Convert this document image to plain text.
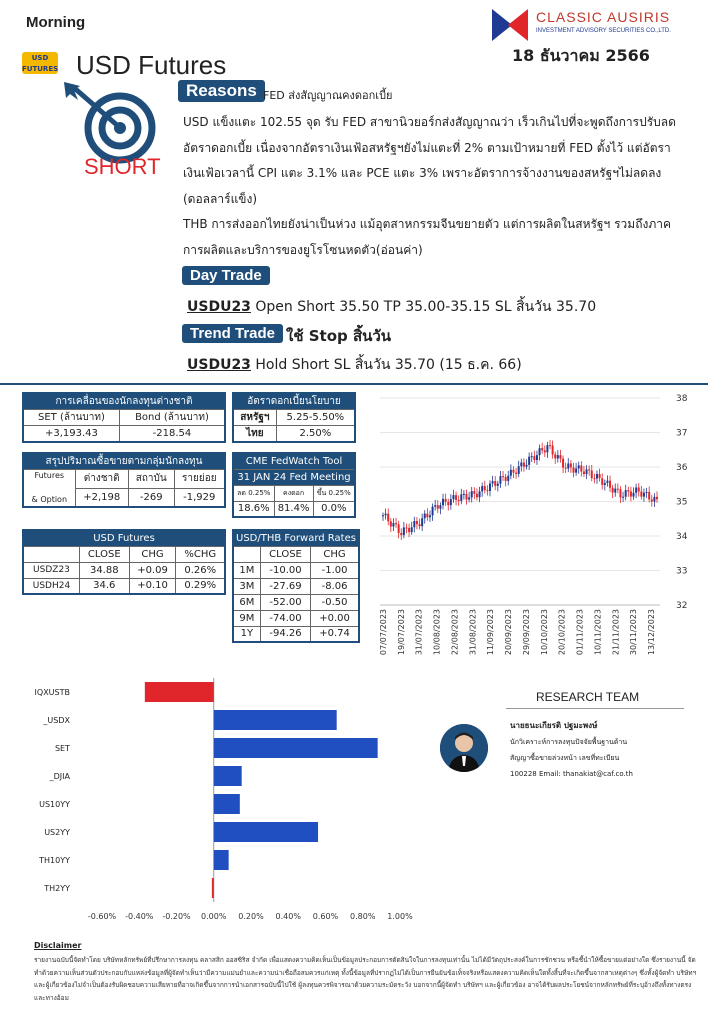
Morning	CLASSIC AUSIRIS
INVESTMENT ADVISORY SECURITIES CO.,LTD.
18 ธันวาคม 2566
USD FUTURES USD Futures
SHORT
Reasons FED ส่งสัญญาณคงดอกเบี้ย
USD แข็งแตะ 102.55 จุด รับ FED สาขานิวยอร์กส่งสัญญาณว่า เร็วเกินไปที่จะพูดถึงการปรับลดอัตราดอกเบี้ย เนื่องจากอัตราเงินเฟ้อสหรัฐฯยังไม่แตะที่ 2% ตามเป้าหมายที่ FED ตั้งไว้ แต่อัตราเงินเฟ้อเวลานี้ CPI แตะ 3.1% และ PCE แตะ 3% เพราะอัตราการจ้างงานของสหรัฐฯไม่ลดลง (ดอลลาร์แข็ง)
THB การส่งออกไทยยังน่าเป็นห่วง แม้อุตสาหกรรมจีนขยายตัว แต่การผลิตในสหรัฐฯ รวมถึงภาคการผลิตและบริการของยูโรโซนหดตัว(อ่อนค่า)
Day Trade
USDU23 Open Short 35.50 TP 35.00-35.15 SL สิ้นวัน 35.70
Trend Trade ใช้ Stop สิ้นวัน
USDU23 Hold Short SL สิ้นวัน 35.70 (15 ธ.ค. 66)
การเคลื่อนของนักลงทุนต่างชาติ	
SET (ล้านบาท)	Bond (ล้านบาท)
+3,193.43	-218.54
อัตราดอกเบี้ยนโยบาย	
สหรัฐฯ	5.25-5.50%
ไทย	2.50%
สรุปปริมาณซื้อขายตามกลุ่มนักลงทุน			
Futures

& Option	ต่างชาติ	สถาบัน	รายย่อย
	+2,198	-269	-1,929
CME FedWatch Tool		
31 JAN 24 Fed Meeting		
ลด 0.25%	คงดอก	ขึ้น 0.25%
18.6%	81.4%	0.0%
USD Futures			
	CLOSE	CHG	%CHG
USDZ23	34.88	+0.09	0.26%
USDH24	34.6	+0.10	0.29%
USD/THB Forward Rates		
	CLOSE	CHG
1M	-10.00	-1.00
3M	-27.69	-8.06
6M	-52.00	-0.50
9M	-74.00	+0.00
1Y	-94.26	+0.74
38
37
36
35
34
33
32
07/07/2023 19/07/2023 31/07/2023 10/08/2023 22/08/2023 31/08/2023 11/09/2023 20/09/2023 29/09/2023 10/10/2023 20/10/2023 01/11/2023 10/11/2023 21/11/2023 30/11/2023 13/12/2023
-0.60% -0.40% -0.20% 0.00% 0.20% 0.40% 0.60% 0.80% 1.00%
IQXUSTB
_USDX
SET
_DJIA
US10YY
US2YY
TH10YY
TH2YY
RESEARCH TEAM
นายธนะเกียรติ ปฐมะพงษ์
นักวิเคราะห์การลงทุนปัจจัยพื้นฐานด้าน
สัญญาซื้อขายล่วงหน้า เลขที่ทะเบียน
100228 Email: thanakiat@caf.co.th
Disclaimer
รายงานฉบับนี้จัดทำโดย บริษัทหลักทรัพย์ที่ปรึกษาการลงทุน คลาสสิก ออสซิริส จำกัด เพื่อแสดงความคิดเห็นเป็นข้อมูลประกอบการตัดสินใจในการลงทุนเท่านั้น ไม่ได้มีวัตถุประสงค์ในการชักชวน หรือชี้นำให้ซื้อขายแต่อย่างใด ซึ่งรายงานนี้ จัดทำด้วยความเห็นส่วนตัวประกอบกับแหล่งข้อมูลที่ผู้จัดทำเห็นว่ามีความแม่นยำและความน่าเชื่อถือสมควรแก่เหตุ ทั้งนี้ข้อมูลที่ปรากฏไม่ได้เป็นการยืนยันข้อเท็จจริงหรือแสดงความคิดเห็นใดทั้งสิ้นที่จะเกิดขึ้นจากสาเหตุต่างๆ ซึ่งทั้งผู้จัดทำ บริษัทฯ และผู้เกี่ยวข้องไม่จำเป็นต้องรับผิดชอบความเสียหายที่อาจเกิดขึ้นจากการนำเอกสารฉบับนี้ไปใช้ ผู้ลงทุนควรพิจารณาด้วยความระมัดระวัง บอกจากนี้ผู้จัดทำ บริษัทฯ และผู้เกี่ยวข้อง อาจได้รับผลประโยชน์จากหลักทรัพย์ที่ระบุอ้างถึงทั้งทางตรงและทางอ้อม
